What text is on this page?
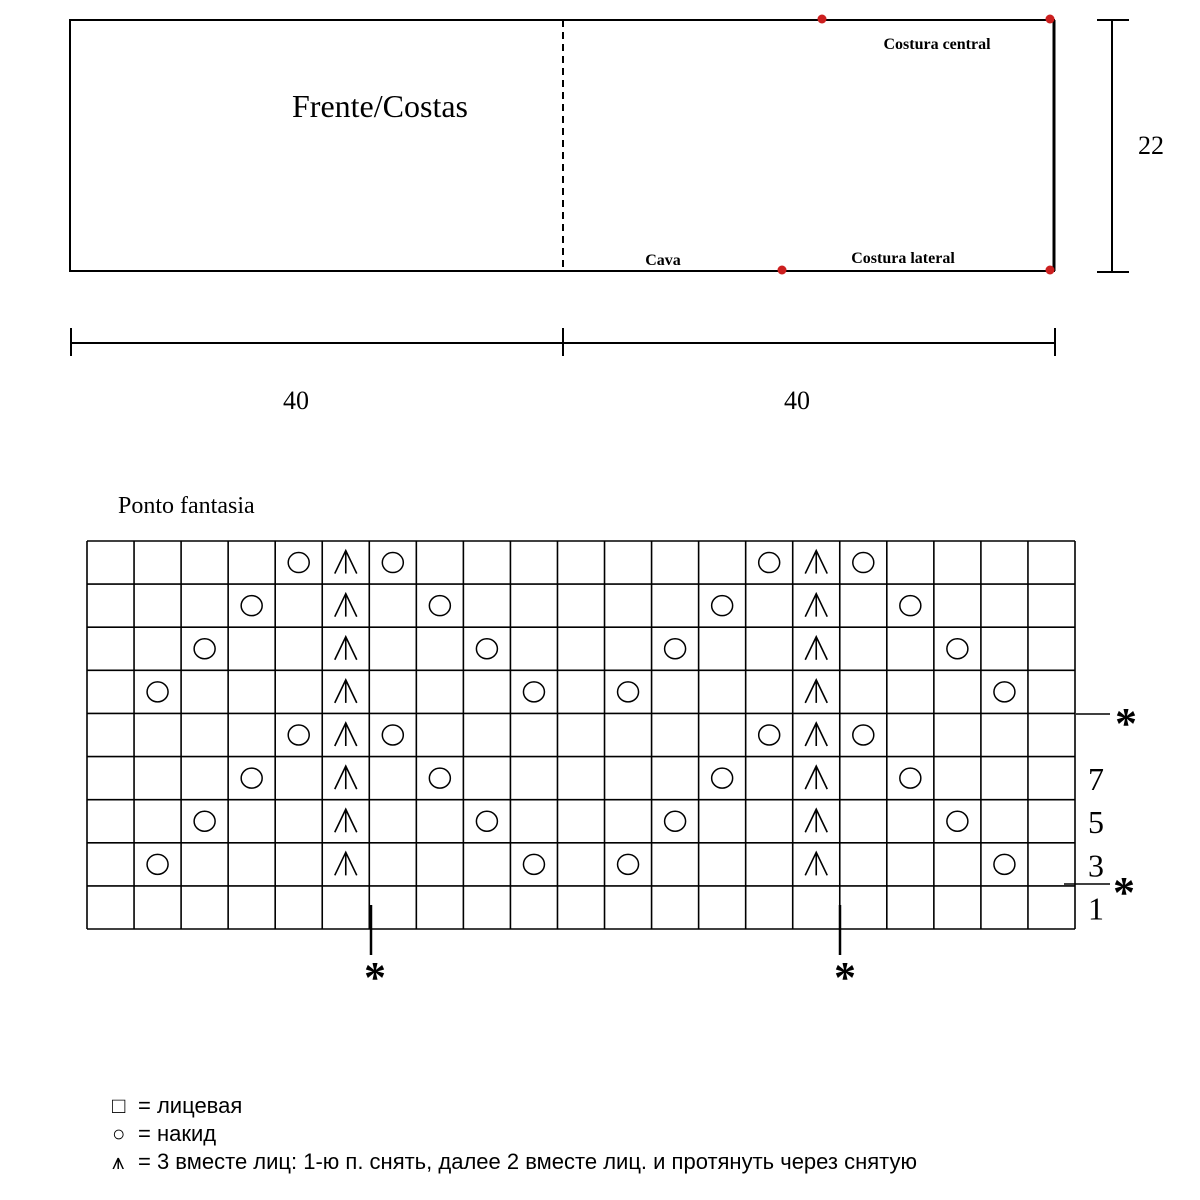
Frente/Costas
Costura central
Cava	Costura lateral
22
40	40
Ponto fantasia
1
3
5
7
*
*
*	*
□ = лицевая
○ = накид
⩚ = 3 вместе лиц: 1-ю п. снять, далее 2 вместе лиц. и протянуть через снятую
